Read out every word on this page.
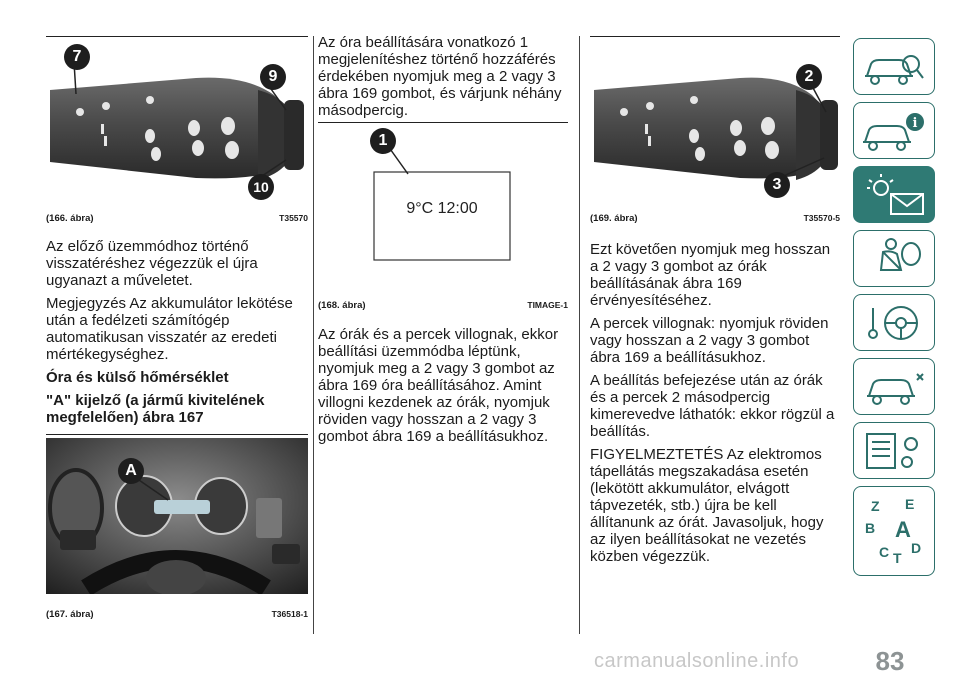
7
9
10
(166. ábra)	T35570

Az előző üzemmódhoz történő visszatéréshez végezzük el újra ugyanazt a műveletet.

Megjegyzés Az akkumulátor lekötése után a fedélzeti számítógép automatikusan visszatér az eredeti mértékegységhez.

Óra és külső hőmérséklet
"A" kijelző (a jármű kivitelének megfelelően) ábra 167
A
(167. ábra)	T36518-1

Az óra beállítására vonatkozó 1 megjelenítéshez történő hozzáférés érdekében nyomjuk meg a 2 vagy 3 ábra 169 gombot, és várjunk néhány másodpercig.

1
9°C 12:00
(168. ábra)	TIMAGE-1

Az órák és a percek villognak, ekkor beállítási üzemmódba léptünk, nyomjuk meg a 2 vagy 3 gombot az ábra 169 óra beállításához. Amint villogni kezdenek az órák, nyomjuk röviden vagy hosszan a 2 vagy 3 gombot ábra 169 a beállításukhoz.

2
3
(169. ábra)	T35570-5

Ezt követően nyomjuk meg hosszan a 2 vagy 3 gombot az órák beállításának ábra 169 érvényesítéséhez.

A percek villognak: nyomjuk röviden vagy hosszan a 2 vagy 3 gombot ábra 169 a beállításukhoz.

A beállítás befejezése után az órák és a percek 2 másodpercig kimerevedve láthatók: ekkor rögzül a beállítás.

FIGYELMEZTETÉS Az elektromos tápellátás megszakadása esetén (lekötött akkumulátor, elvágott tápvezeték, stb.) újra be kell állítanunk az órát. Javasoljuk, hogy az ilyen beállításokat ne vezetés közben végezzük.

i
Z E
B A
C T
D
carmanualsonline.info	83
